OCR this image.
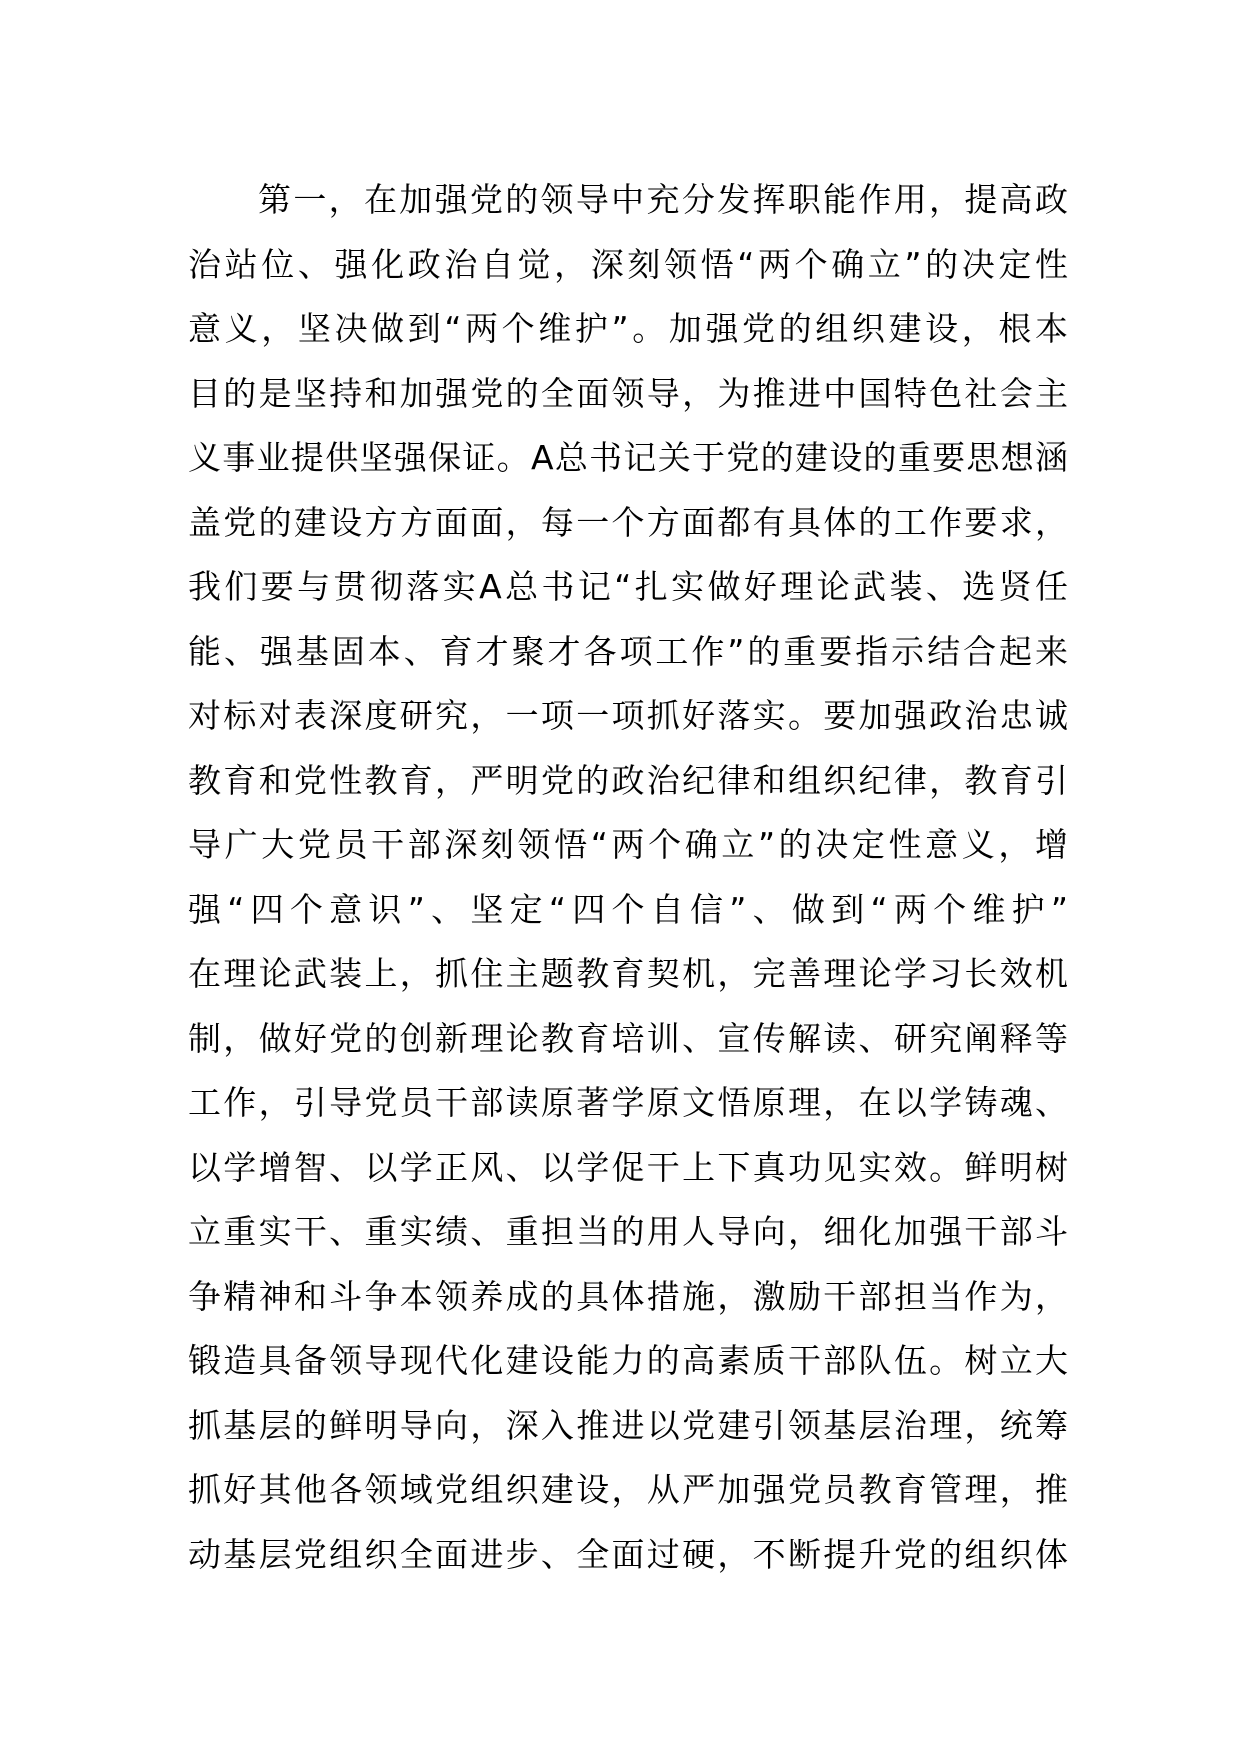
第一，在加强党的领导中充分发挥职能作用，提高政
治站位、强化政治自觉，深刻领悟“两个确立”的决定性
意义，坚决做到“两个维护”。加强党的组织建设，根本
目的是坚持和加强党的全面领导，为推进中国特色社会主
义事业提供坚强保证。A总书记关于党的建设的重要思想涵
盖党的建设方方面面，每一个方面都有具体的工作要求，
我们要与贯彻落实A总书记“扎实做好理论武装、选贤任
能、强基固本、育才聚才各项工作”的重要指示结合起来
对标对表深度研究，一项一项抓好落实。要加强政治忠诚
教育和党性教育，严明党的政治纪律和组织纪律，教育引
导广大党员干部深刻领悟“两个确立”的决定性意义，增
强“四个意识”、坚定“四个自信”、做到“两个维护”
在理论武装上，抓住主题教育契机，完善理论学习长效机
制，做好党的创新理论教育培训、宣传解读、研究阐释等
工作，引导党员干部读原著学原文悟原理，在以学铸魂、
以学增智、以学正风、以学促干上下真功见实效。鲜明树
立重实干、重实绩、重担当的用人导向，细化加强干部斗
争精神和斗争本领养成的具体措施，激励干部担当作为，
锻造具备领导现代化建设能力的高素质干部队伍。树立大
抓基层的鲜明导向，深入推进以党建引领基层治理，统筹
抓好其他各领域党组织建设，从严加强党员教育管理，推
动基层党组织全面进步、全面过硬，不断提升党的组织体
